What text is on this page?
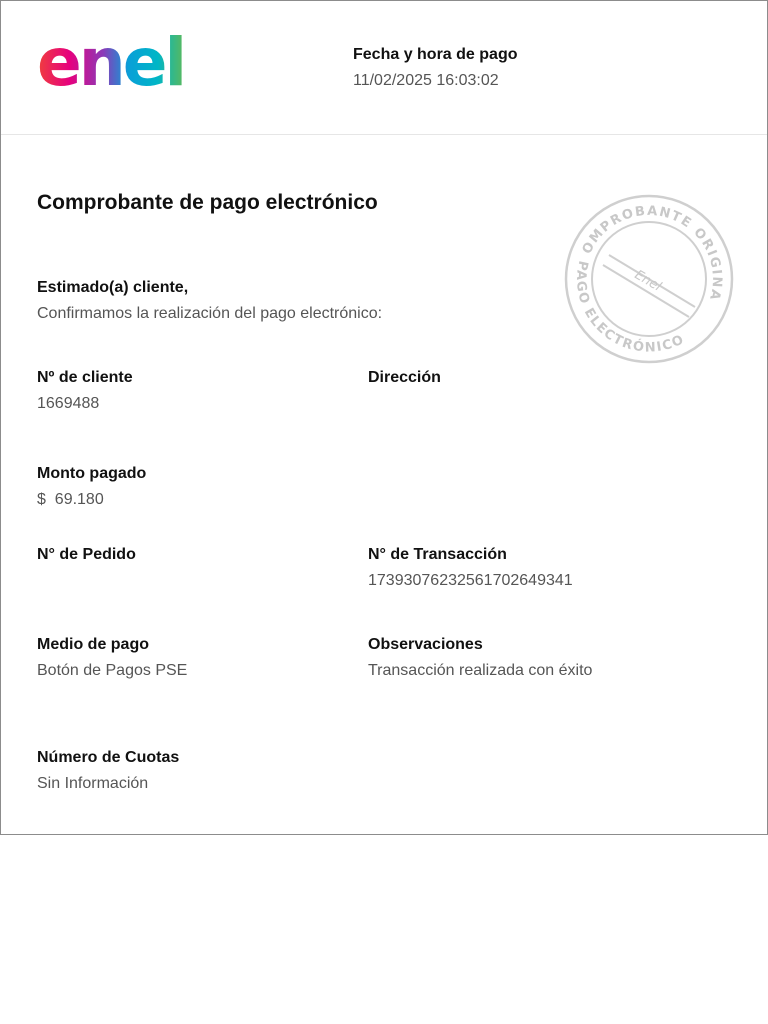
enel	Fecha y hora de pago
11/02/2025 16:03:02
Comprobante de pago electrónico
COMPROBANTE ORIGINAL
PAGO ELECTRÓNICO
Enel
Estimado(a) cliente,
Confirmamos la realización del pago electrónico:
Nº de cliente
1669488
Dirección
Monto pagado
$  69.180
N° de Pedido	N° de Transacción
17393076232561702649341
Medio de pago
Botón de Pagos PSE
Observaciones
Transacción realizada con éxito
Número de Cuotas
Sin Información
